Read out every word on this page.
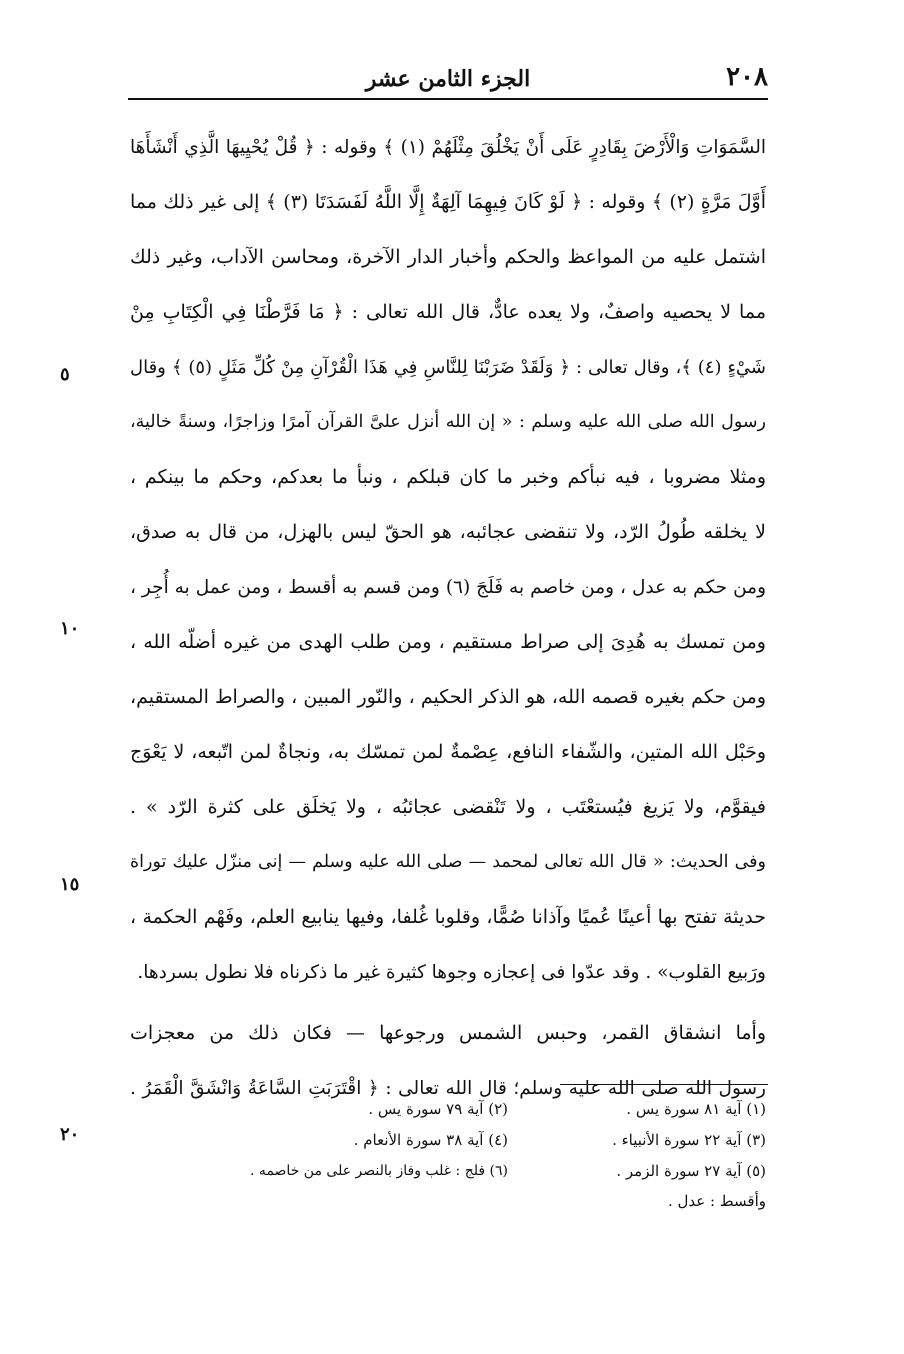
٢٠٨
الجزء الثامن عشر
السَّمَوَاتِ وَالْأَرْضَ بِقَادِرٍ عَلَى أَنْ يَخْلُقَ مِثْلَهُمْ (١) ﴾ وقوله : ﴿ قُلْ يُحْيِيهَا الَّذِي أَنْشَأَهَا
أَوَّلَ مَرَّةٍ (٢) ﴾ وقوله : ﴿ لَوْ كَانَ فِيهِمَا آلِهَةٌ إِلَّا اللَّهُ لَفَسَدَتَا (٣) ﴾ إلى غير ذلك مما
اشتمل عليه من المواعظ والحكم وأخبار الدار الآخرة، ومحاسن الآداب، وغير ذلك
مما لا يحصيه واصفٌ، ولا يعده عادٌّ، قال الله تعالى : ﴿ مَا فَرَّطْنَا فِي الْكِتَابِ مِنْ
شَيْءٍ (٤) ﴾، وقال تعالى : ﴿ وَلَقَدْ ضَرَبْنَا لِلنَّاسِ فِي هَذَا الْقُرْآنِ مِنْ كُلِّ مَثَلٍ (٥) ﴾ وقال
رسول الله صلى الله عليه وسلم : « إن الله أنزل علىَّ القرآن آمرًا وزاجرًا، وسنةً خالية،
ومثلا مضروبا ، فيه نبأكم وخبر ما كان قبلكم ، ونبأ ما بعدكم، وحكم ما بينكم ،
لا يخلقه طُولُ الرّد، ولا تنقضى عجائبه، هو الحقّ ليس بالهزل، من قال به صدق،
ومن حكم به عدل ، ومن خاصم به فَلَجَ (٦) ومن قسم به أقسط ، ومن عمل به أُجِر ،
ومن تمسك به هُدِىَ إلى صراط مستقيم ، ومن طلب الهدى من غيره أضلّه الله ،
ومن حكم بغيره قصمه الله، هو الذكر الحكيم ، والنّور المبين ، والصراط المستقيم،
وحَبْل الله المتين، والشّفاء النافع، عِصْمةٌ لمن تمسّك به، ونجاةٌ لمن اتّبعه، لا يَعْوَج
فيقوَّم، ولا يَزيغ فيُستعْتَب ، ولا تَنْقضى عجائبُه ، ولا يَخلَق على كثرة الرّد » .
وفى الحديث: « قال الله تعالى لمحمد — صلى الله عليه وسلم — إنى منزّل عليك توراة
حديثة تفتح بها أعينًا عُميًا وآذانا صُمًّا، وقلوبا غُلفا، وفيها ينابيع العلم، وفَهْم الحكمة ،
ورَبيع القلوب» . وقد عدّوا فى إعجازه وجوها كثيرة غير ما ذكرناه فلا نطول بسردها.
وأما انشقاق القمر، وحبس الشمس ورجوعها — فكان ذلك من معجزات
رسول الله صلى الله عليه وسلم؛ قال الله تعالى : ﴿ اقْتَرَبَتِ السَّاعَةُ وَانْشَقَّ الْقَمَرُ .
٥
١٠
١٥
٢٠
(١) آية ٨١ سورة يس .
(٢) آية ٧٩ سورة يس .
(٣) آية ٢٢ سورة الأنبياء .
(٤) آية ٣٨ سورة الأنعام .
(٥) آية ٢٧ سورة الزمر .
(٦) فلج : غلب وفاز بالنصر على من خاصمه .
وأقسط : عدل .
